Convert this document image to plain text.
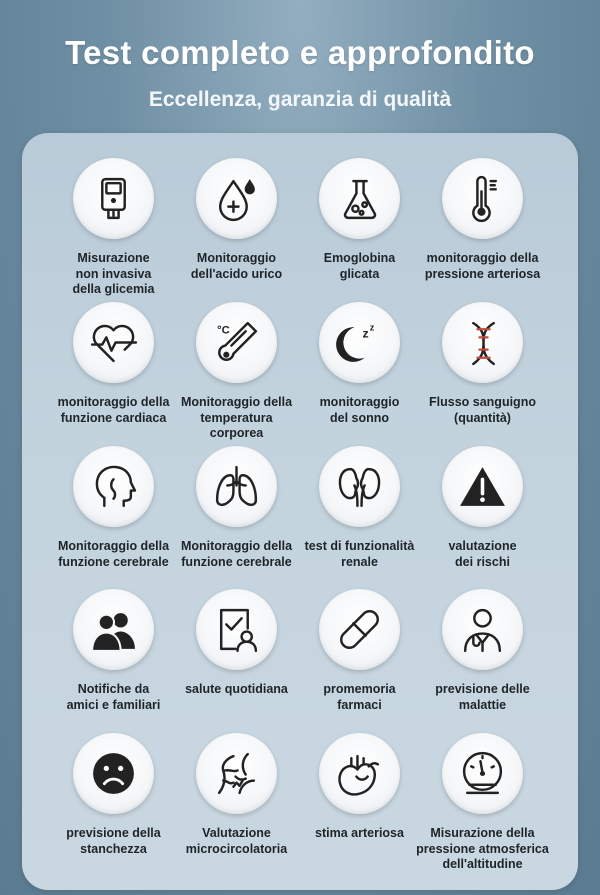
Test completo e approfondito
Eccellenza, garanzia di qualità
Misurazione
non invasiva
della glicemia
Monitoraggio
dell'acido urico
Emoglobina
glicata
monitoraggio della
pressione arteriosa
monitoraggio della
funzione cardiaca
°C
Monitoraggio della
temperatura
corporea
z z
monitoraggio
del sonno
Flusso sanguigno
(quantità)
Monitoraggio della
funzione cerebrale
Monitoraggio della
funzione cerebrale
test di funzionalità
renale
valutazione
dei rischi
Notifiche da
amici e familiari
salute quotidiana	promemoria
farmaci
previsione delle
malattie
previsione della
stanchezza
Valutazione
microcircolatoria
stima arteriosa	Misurazione della
pressione atmosferica
dell'altitudine
